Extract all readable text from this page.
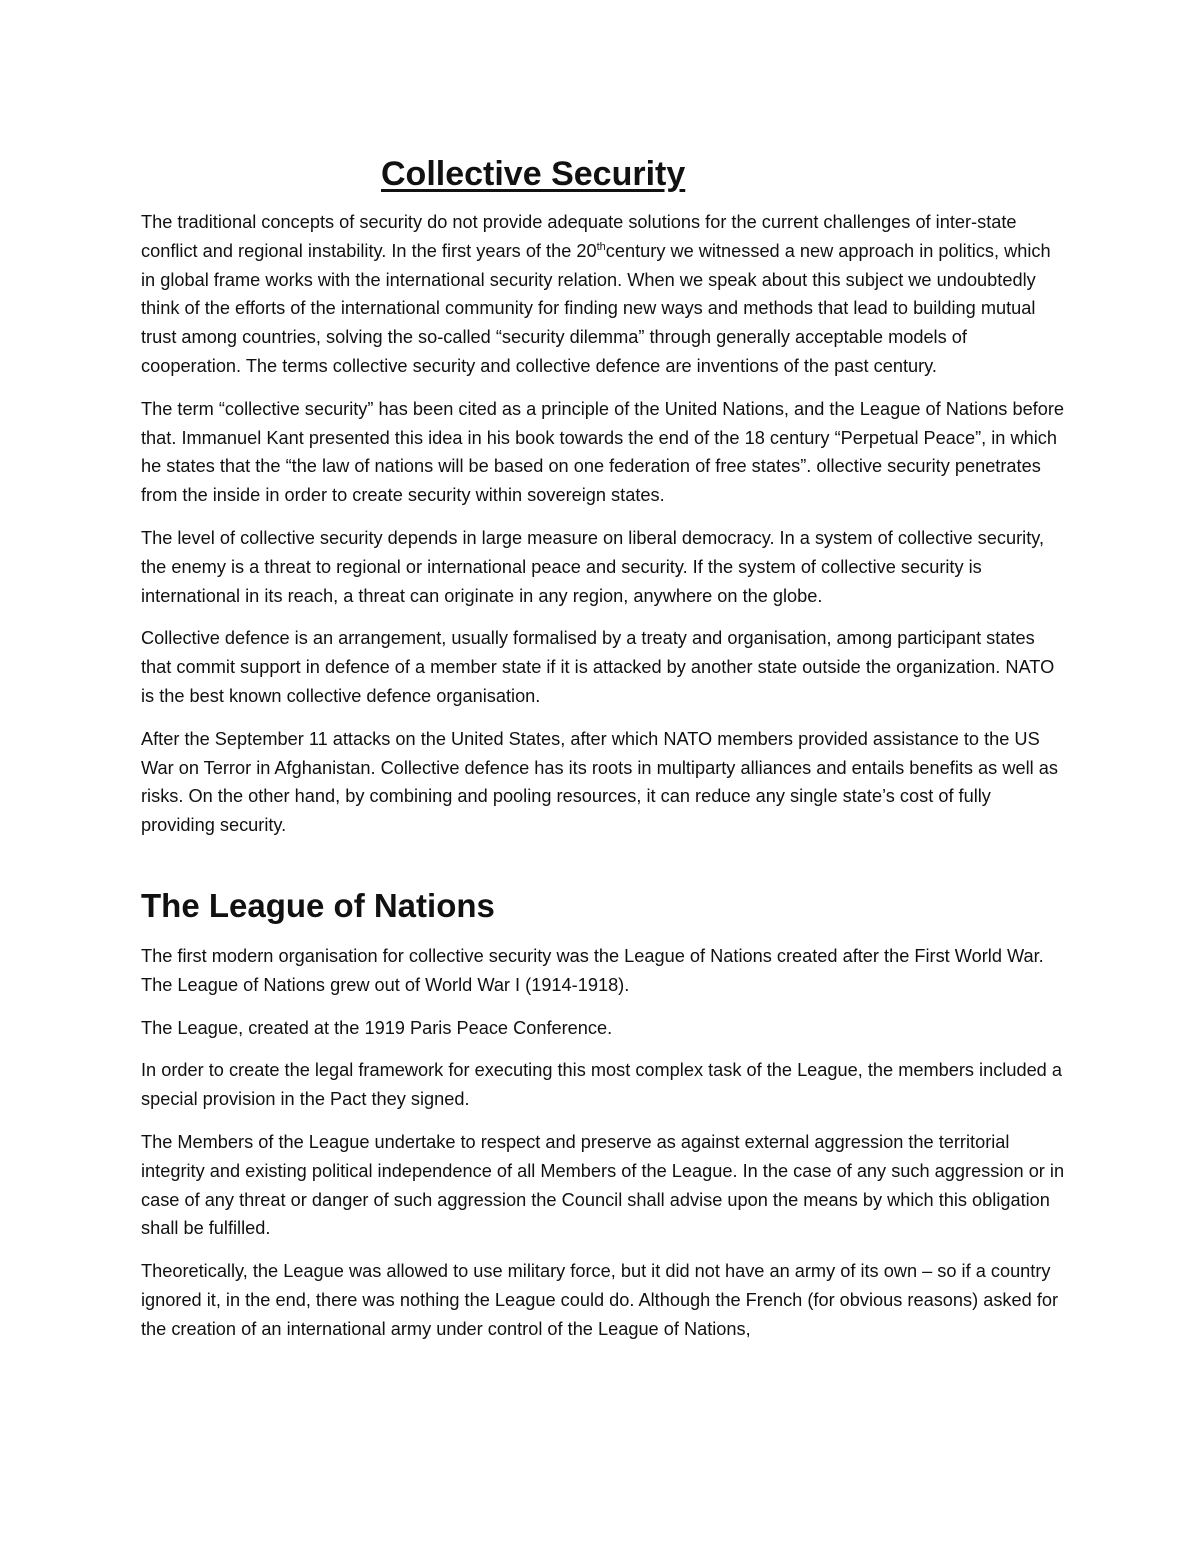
Collective Security

The traditional concepts of security do not provide adequate solutions for the current challenges of inter-state conflict and regional instability. In the first years of the 20thcentury we witnessed a new approach in politics, which in global frame works with the international security relation. When we speak about this subject we undoubtedly think of the efforts of the international community for finding new ways and methods that lead to building mutual trust among countries, solving the so-called “security dilemma” through generally acceptable models of cooperation. The terms collective security and collective defence are inventions of the past century.

The term “collective security” has been cited as a principle of the United Nations, and the League of Nations before that. Immanuel Kant presented this idea in his book towards the end of the 18 century “Perpetual Peace”, in which he states that the “the law of nations will be based on one federation of free states”. ollective security penetrates from the inside in order to create security within sovereign states.

The level of collective security depends in large measure on liberal democracy. In a system of collective security, the enemy is a threat to regional or international peace and security. If the system of collective security is international in its reach, a threat can originate in any region, anywhere on the globe.

Collective defence is an arrangement, usually formalised by a treaty and organisation, among participant states that commit support in defence of a member state if it is attacked by another state outside the organization. NATO is the best known collective defence organisation.

After the September 11 attacks on the United States, after which NATO members provided assistance to the US War on Terror in Afghanistan. Collective defence has its roots in multiparty alliances and entails benefits as well as risks. On the other hand, by combining and pooling resources, it can reduce any single state’s cost of fully providing security.

The League of Nations

The first modern organisation for collective security was the League of Nations created after the First World War. The League of Nations grew out of World War I (1914-1918).

The League, created at the 1919 Paris Peace Conference.

In order to create the legal framework for executing this most complex task of the League, the members included a special provision in the Pact they signed.

The Members of the League undertake to respect and preserve as against external aggression the territorial integrity and existing political independence of all Members of the League. In the case of any such aggression or in case of any threat or danger of such aggression the Council shall advise upon the means by which this obligation shall be fulfilled.

Theoretically, the League was allowed to use military force, but it did not have an army of its own – so if a country ignored it, in the end, there was nothing the League could do. Although the French (for obvious reasons) asked for the creation of an international army under control of the League of Nations,
